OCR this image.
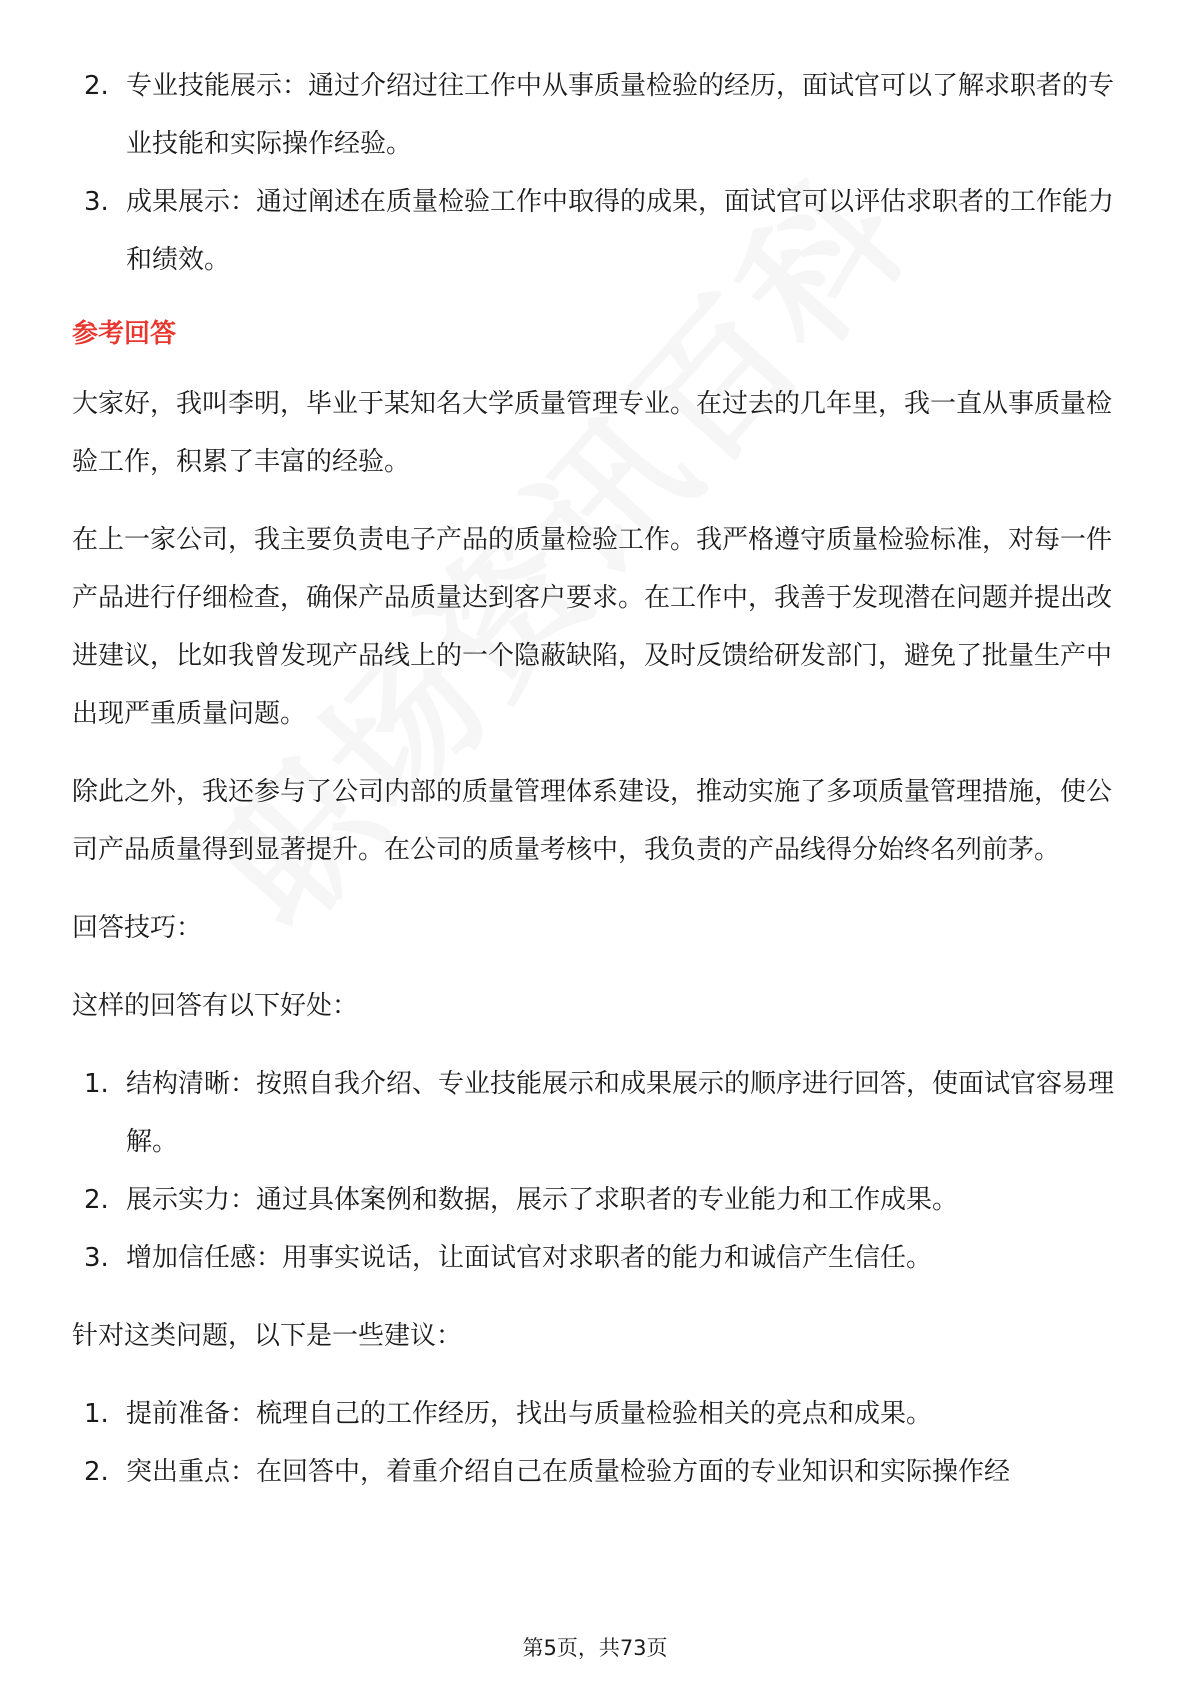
2. 专业技能展示：通过介绍过往工作中从事质量检验的经历，面试官可以了解求职者的专业技能和实际操作经验。
3. 成果展示：通过阐述在质量检验工作中取得的成果，面试官可以评估求职者的工作能力和绩效。
参考回答

大家好，我叫李明，毕业于某知名大学质量管理专业。在过去的几年里，我一直从事质量检验工作，积累了丰富的经验。

在上一家公司，我主要负责电子产品的质量检验工作。我严格遵守质量检验标准，对每一件产品进行仔细检查，确保产品质量达到客户要求。在工作中，我善于发现潜在问题并提出改进建议，比如我曾发现产品线上的一个隐蔽缺陷，及时反馈给研发部门，避免了批量生产中出现严重质量问题。

除此之外，我还参与了公司内部的质量管理体系建设，推动实施了多项质量管理措施，使公司产品质量得到显著提升。在公司的质量考核中，我负责的产品线得分始终名列前茅。

回答技巧：

这样的回答有以下好处：

1. 结构清晰：按照自我介绍、专业技能展示和成果展示的顺序进行回答，使面试官容易理解。
2. 展示实力：通过具体案例和数据，展示了求职者的专业能力和工作成果。
3. 增加信任感：用事实说话，让面试官对求职者的能力和诚信产生信任。

针对这类问题，以下是一些建议：

1. 提前准备：梳理自己的工作经历，找出与质量检验相关的亮点和成果。
2. 突出重点：在回答中，着重介绍自己在质量检验方面的专业知识和实际操作经
第5页，共73页
